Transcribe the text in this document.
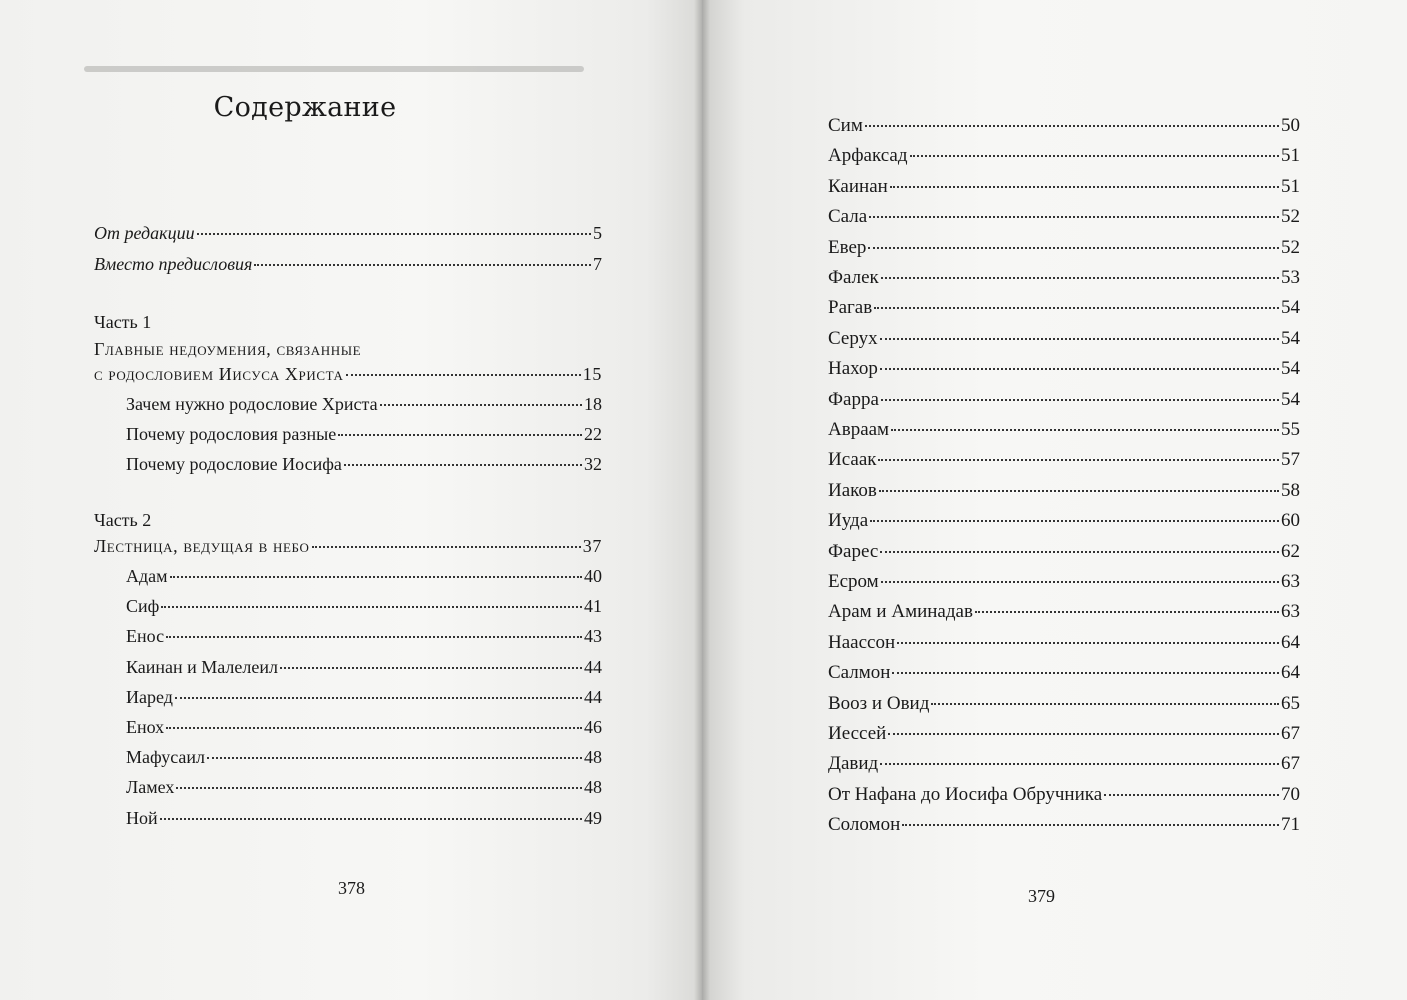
Содержание
От редакции	5
Вместо предисловия	7
Часть 1
Главные недоумения, связанные
с родословием Иисуса Христа	15
Зачем нужно родословие Христа	18
Почему родословия разные	22
Почему родословие Иосифа	32
Часть 2
Лестница, ведущая в небо	37
Адам	40
Сиф	41
Енос	43
Каинан и Малелеил	44
Иаред	44
Енох	46
Мафусаил	48
Ламех	48
Ной	49
378
Сим	50
Арфаксад	51
Каинан	51
Сала	52
Евер	52
Фалек	53
Рагав	54
Серух	54
Нахор	54
Фарра	54
Авраам	55
Исаак	57
Иаков	58
Иуда	60
Фарес	62
Есром	63
Арам и Аминадав	63
Наассон	64
Салмон	64
Вооз и Овид	65
Иессей	67
Давид	67
От Нафана до Иосифа Обручника	70
Соломон	71
379
